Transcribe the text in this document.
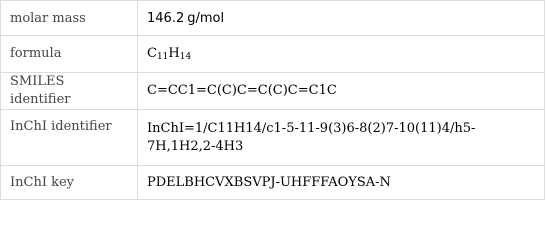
molar mass	146.2 g/mol
formula	$C_{11}H_{14}$
SMILES identifier	C=CC1=C(C)C=C(C)C=C1C
InChI identifier	InChI=1/C11H14/c1-5-11-9(3)6-8(2)7-10(11)4/h5-7H,1H2,2-4H3
InChI key	PDELBHCVXBSVPJ-UHFFFAOYSA-N
